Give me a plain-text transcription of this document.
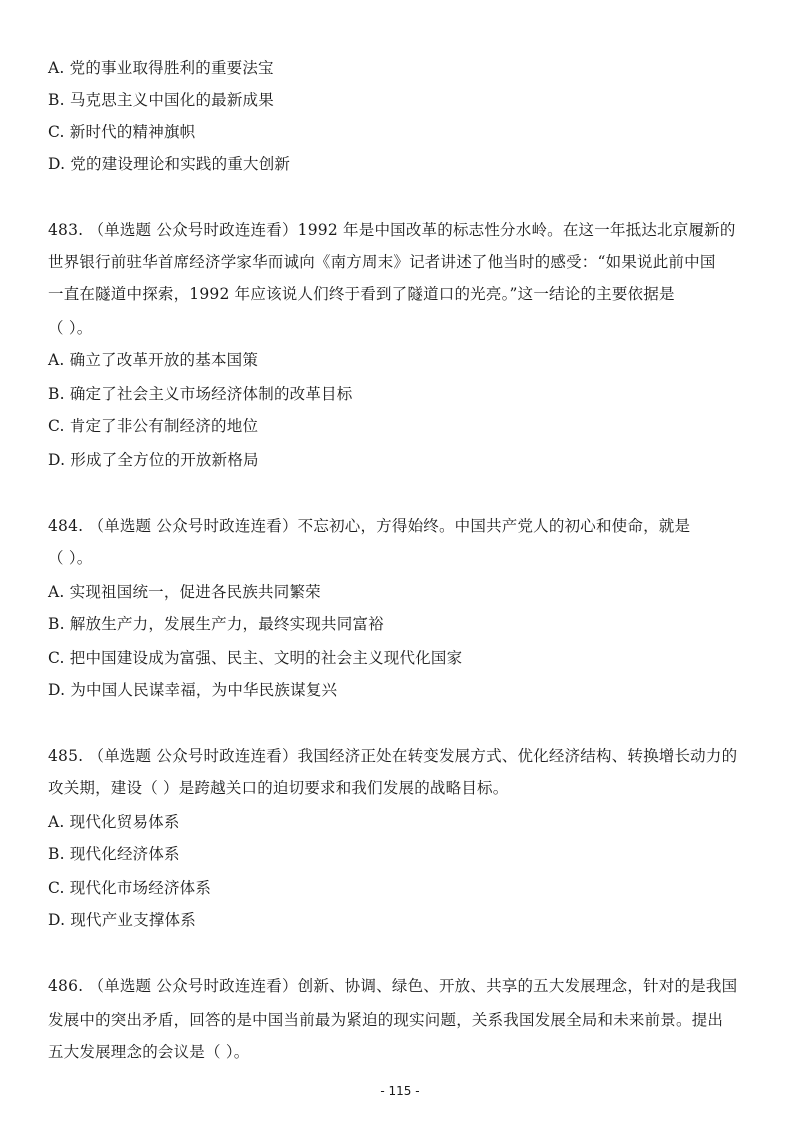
A. 党的事业取得胜利的重要法宝
B. 马克思主义中国化的最新成果
C. 新时代的精神旗帜
D. 党的建设理论和实践的重大创新
483. （单选题 公众号时政连连看）1992 年是中国改革的标志性分水岭。在这一年抵达北京履新的
世界银行前驻华首席经济学家华而诚向《南方周末》记者讲述了他当时的感受：“如果说此前中国
一直在隧道中探索，1992 年应该说人们终于看到了隧道口的光亮。”这一结论的主要依据是
（ ）。
A. 确立了改革开放的基本国策
B. 确定了社会主义市场经济体制的改革目标
C. 肯定了非公有制经济的地位
D. 形成了全方位的开放新格局
484. （单选题 公众号时政连连看）不忘初心，方得始终。中国共产党人的初心和使命，就是
（ ）。
A. 实现祖国统一，促进各民族共同繁荣
B. 解放生产力，发展生产力，最终实现共同富裕
C. 把中国建设成为富强、民主、文明的社会主义现代化国家
D. 为中国人民谋幸福，为中华民族谋复兴
485. （单选题 公众号时政连连看）我国经济正处在转变发展方式、优化经济结构、转换增长动力的
攻关期，建设（ ）是跨越关口的迫切要求和我们发展的战略目标。
A. 现代化贸易体系
B. 现代化经济体系
C. 现代化市场经济体系
D. 现代产业支撑体系
486. （单选题 公众号时政连连看）创新、协调、绿色、开放、共享的五大发展理念，针对的是我国
发展中的突出矛盾，回答的是中国当前最为紧迫的现实问题，关系我国发展全局和未来前景。提出
五大发展理念的会议是（ ）。
- 115 -
